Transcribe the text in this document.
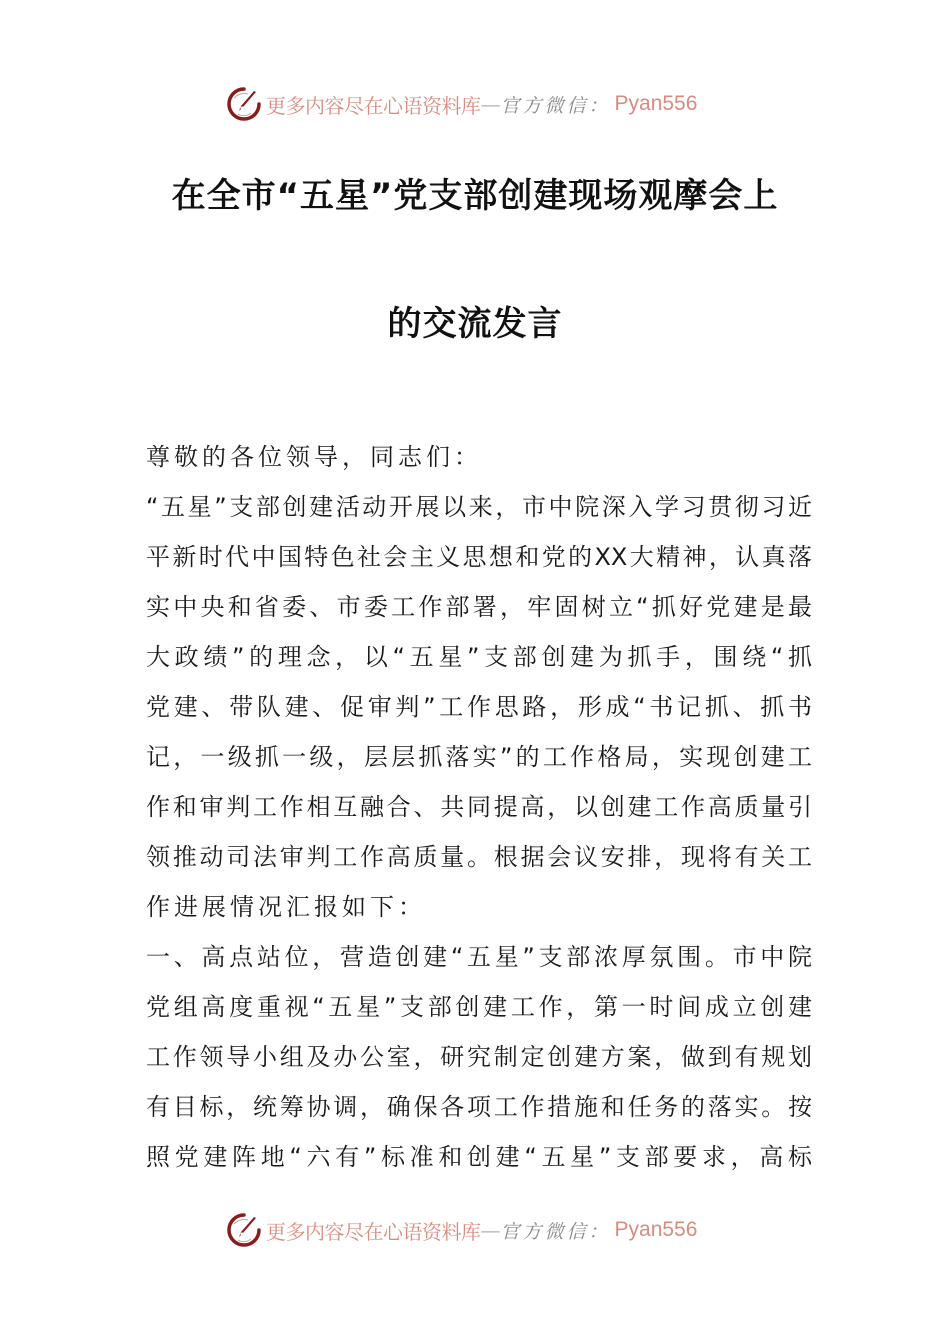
更多内容尽在心语资料库 — 官方微信： Pyan556
在全市“五星”党支部创建现场观摩会上
的交流发言
尊敬的各位领导，同志们：
“五星”支部创建活动开展以来，市中院深入学习贯彻习近
平新时代中国特色社会主义思想和党的XX大精神，认真落
实中央和省委、市委工作部署，牢固树立“抓好党建是最
大政绩”的理念，以“五星”支部创建为抓手，围绕“抓
党建、带队建、促审判”工作思路，形成“书记抓、抓书
记，一级抓一级，层层抓落实”的工作格局，实现创建工
作和审判工作相互融合、共同提高，以创建工作高质量引
领推动司法审判工作高质量。根据会议安排，现将有关工
作进展情况汇报如下：
一、高点站位，营造创建“五星”支部浓厚氛围。市中院
党组高度重视“五星”支部创建工作，第一时间成立创建
工作领导小组及办公室，研究制定创建方案，做到有规划
有目标，统筹协调，确保各项工作措施和任务的落实。按
照党建阵地“六有”标准和创建“五星”支部要求，高标
更多内容尽在心语资料库 — 官方微信： Pyan556
